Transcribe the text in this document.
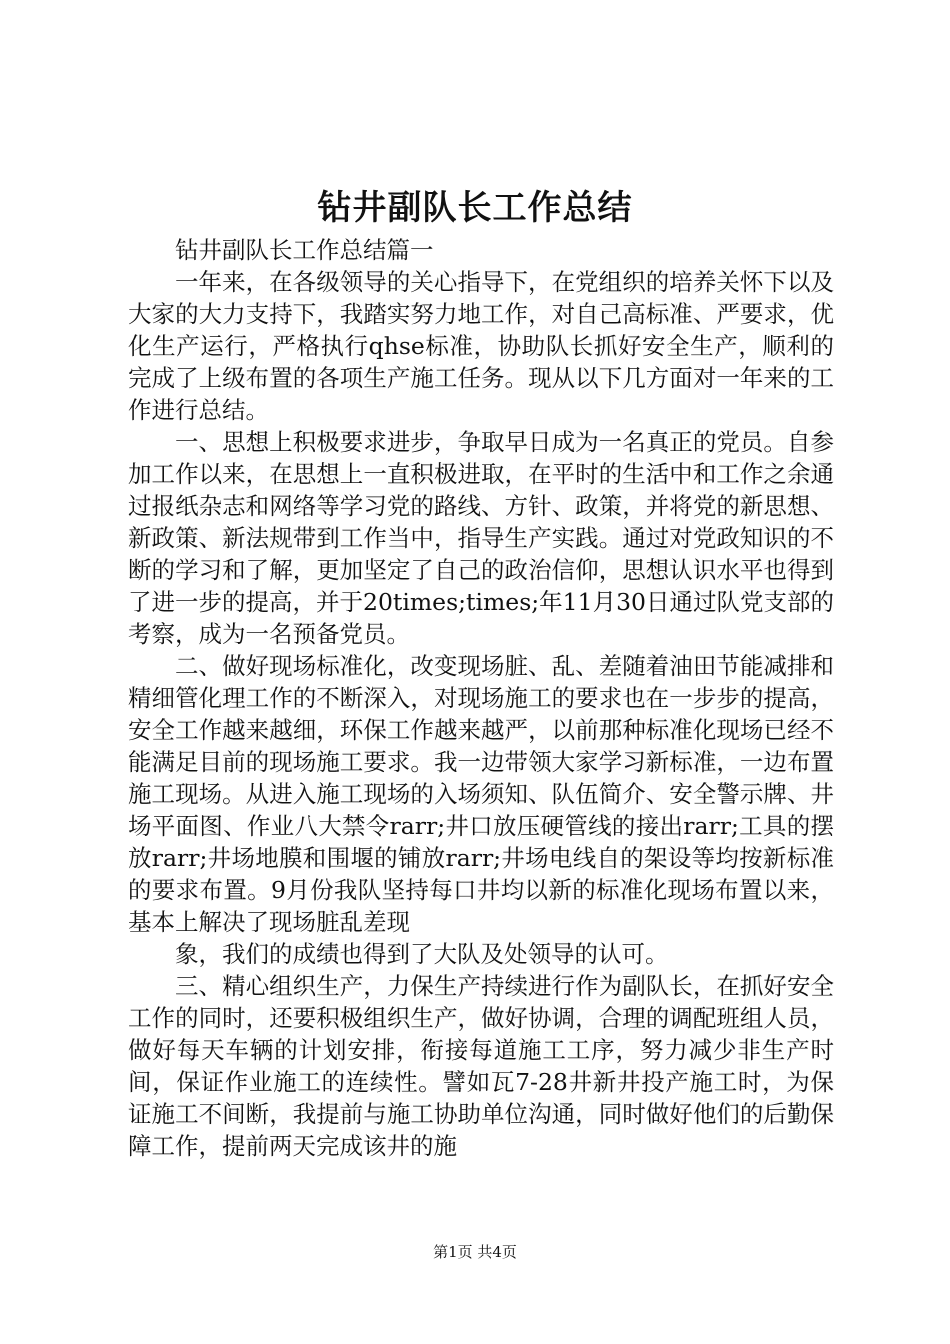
钻井副队长工作总结

钻井副队长工作总结篇一

一年来，在各级领导的关心指导下，在党组织的培养关怀下以及大家的大力支持下，我踏实努力地工作，对自己高标准、严要求，优化生产运行，严格执行qhse标准，协助队长抓好安全生产，顺利的完成了上级布置的各项生产施工任务。现从以下几方面对一年来的工作进行总结。

一、思想上积极要求进步，争取早日成为一名真正的党员。自参加工作以来，在思想上一直积极进取，在平时的生活中和工作之余通过报纸杂志和网络等学习党的路线、方针、政策，并将党的新思想、新政策、新法规带到工作当中，指导生产实践。通过对党政知识的不断的学习和了解，更加坚定了自己的政治信仰，思想认识水平也得到了进一步的提高，并于20times;times;年11月30日通过队党支部的考察，成为一名预备党员。

二、做好现场标准化，改变现场脏、乱、差随着油田节能减排和精细管化理工作的不断深入，对现场施工的要求也在一步步的提高，安全工作越来越细，环保工作越来越严，以前那种标准化现场已经不能满足目前的现场施工要求。我一边带领大家学习新标准，一边布置施工现场。从进入施工现场的入场须知、队伍简介、安全警示牌、井场平面图、作业八大禁令rarr;井口放压硬管线的接出rarr;工具的摆放rarr;井场地膜和围堰的铺放rarr;井场电线自的架设等均按新标准的要求布置。9月份我队坚持每口井均以新的标准化现场布置以来，基本上解决了现场脏乱差现

象，我们的成绩也得到了大队及处领导的认可。

三、精心组织生产，力保生产持续进行作为副队长，在抓好安全工作的同时，还要积极组织生产，做好协调，合理的调配班组人员，做好每天车辆的计划安排，衔接每道施工工序，努力减少非生产时间，保证作业施工的连续性。譬如瓦7-28井新井投产施工时，为保证施工不间断，我提前与施工协助单位沟通，同时做好他们的后勤保障工作，提前两天完成该井的施

第1页 共4页
